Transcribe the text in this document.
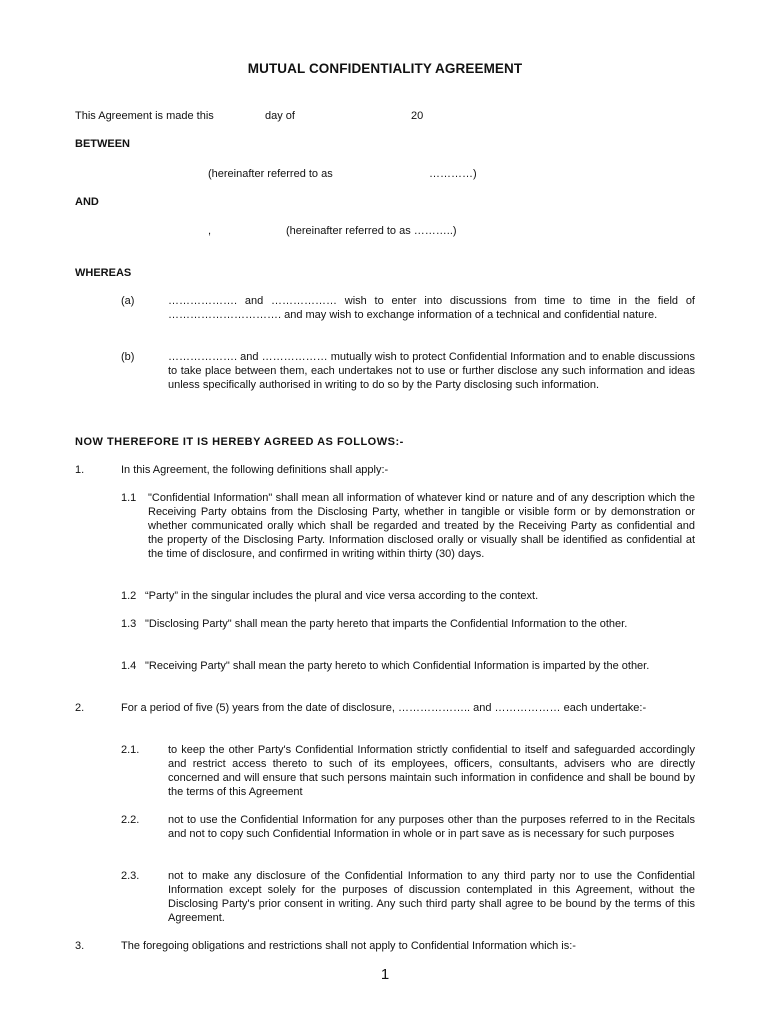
MUTUAL CONFIDENTIALITY AGREEMENT
This Agreement is made this	day of	20
BETWEEN
(hereinafter referred to as	…………)
AND
,	(hereinafter referred to as ………..)
WHEREAS
(a)	………………. and ……………… wish to enter into discussions from time to time in the field of …………………………. and may wish to exchange information of a technical and confidential nature.
(b)	………………. and ……………… mutually wish to protect Confidential Information and to enable discussions to take place between them, each undertakes not to use or further disclose any such information and ideas unless specifically authorised in writing to do so by the Party disclosing such information.
NOW THEREFORE IT IS HEREBY AGREED AS FOLLOWS:-
1.	In this Agreement, the following definitions shall apply:-
1.1 "Confidential Information" shall mean all information of whatever kind or nature and of any description which the Receiving Party obtains from the Disclosing Party, whether in tangible or visible form or by demonstration or whether communicated orally which shall be regarded and treated by the Receiving Party as confidential and the property of the Disclosing Party. Information disclosed orally or visually shall be identified as confidential at the time of disclosure, and confirmed in writing within thirty (30) days.
1.2 “Party” in the singular includes the plural and vice versa according to the context.
1.3 "Disclosing Party" shall mean the party hereto that imparts the Confidential Information to the other.
1.4 "Receiving Party" shall mean the party hereto to which Confidential Information is imparted by the other.
2.	For a period of five (5) years from the date of disclosure, ……………….. and ……………… each undertake:-
2.1.	to keep the other Party's Confidential Information strictly confidential to itself and safeguarded accordingly and restrict access thereto to such of its employees, officers, consultants, advisers who are directly concerned and will ensure that such persons maintain such information in confidence and shall be bound by the terms of this Agreement
2.2.	not to use the Confidential Information for any purposes other than the purposes referred to in the Recitals and not to copy such Confidential Information in whole or in part save as is necessary for such purposes
2.3.	not to make any disclosure of the Confidential Information to any third party nor to use the Confidential Information except solely for the purposes of discussion contemplated in this Agreement, without the Disclosing Party's prior consent in writing. Any such third party shall agree to be bound by the terms of this Agreement.
3.	The foregoing obligations and restrictions shall not apply to Confidential Information which is:-
1
